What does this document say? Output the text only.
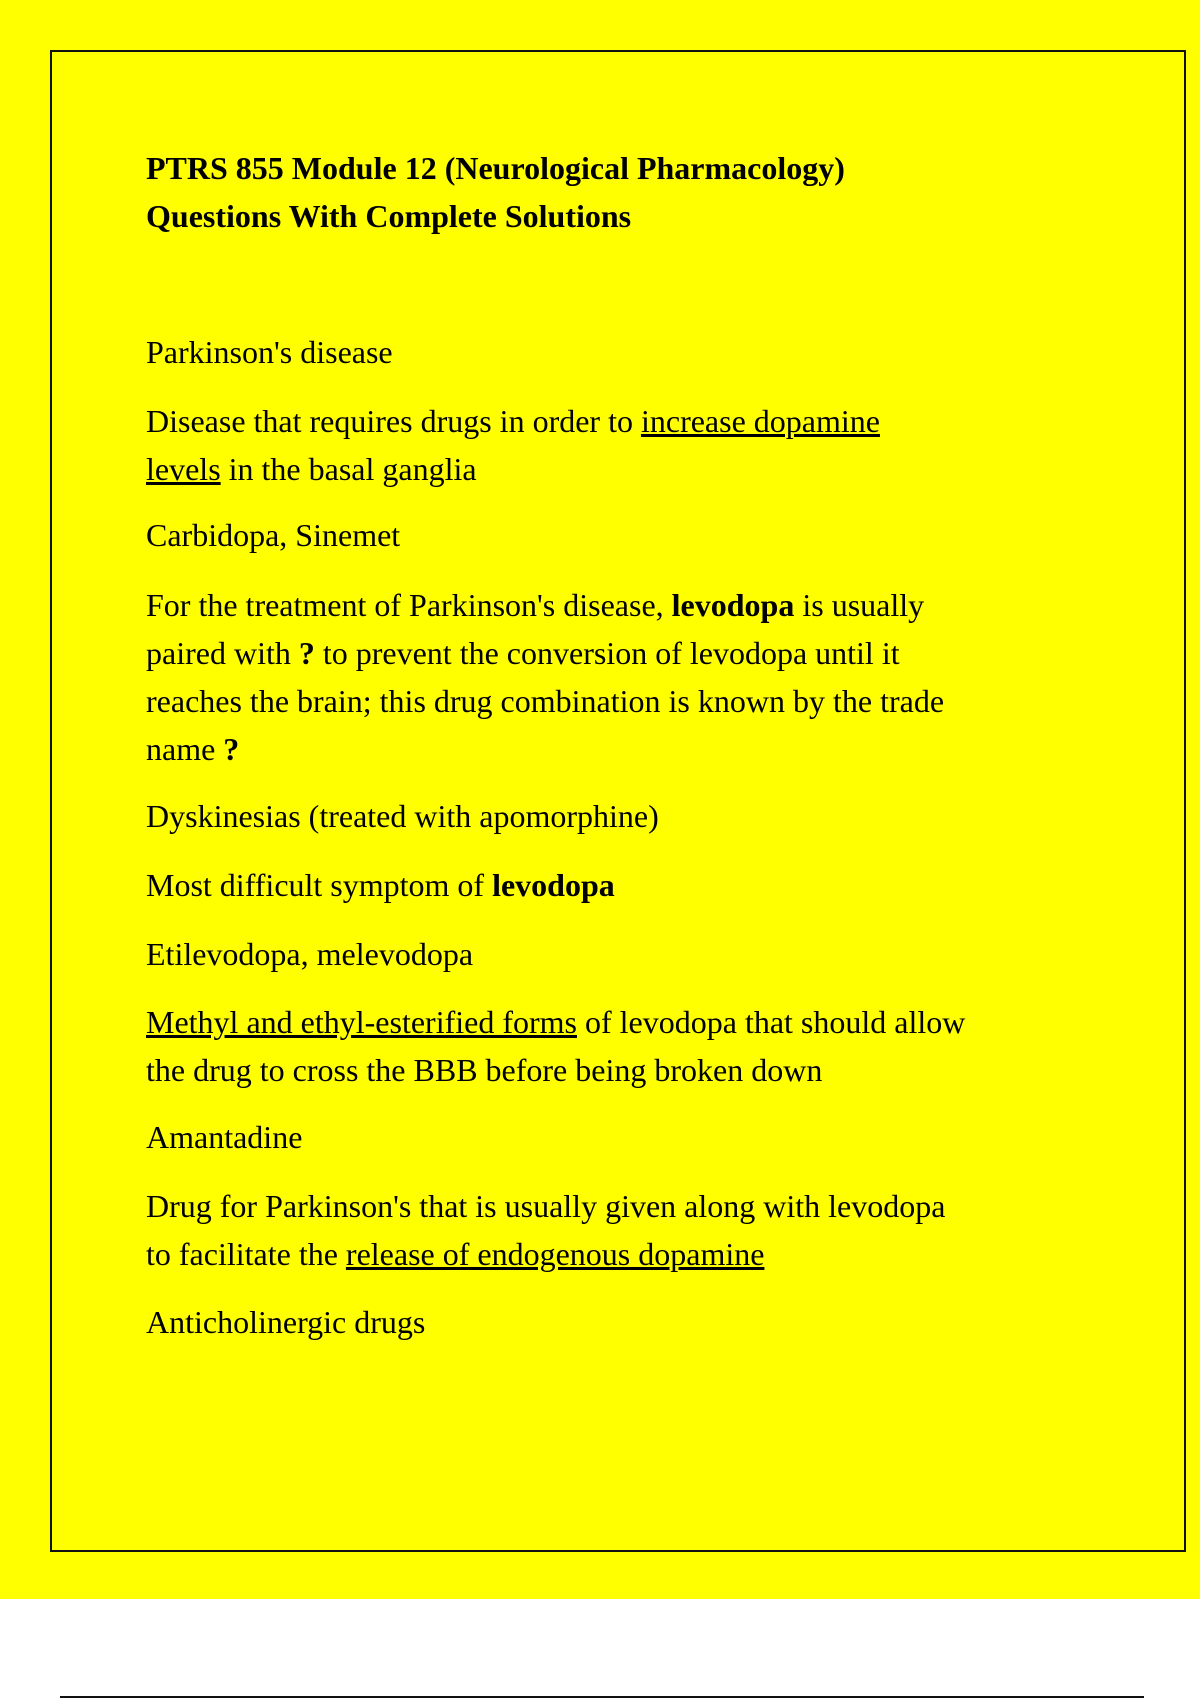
PTRS 855 Module 12 (Neurological Pharmacology)
Questions With Complete Solutions
Parkinson's disease
Disease that requires drugs in order to increase dopamine
levels in the basal ganglia
Carbidopa, Sinemet
For the treatment of Parkinson's disease, levodopa is usually
paired with ? to prevent the conversion of levodopa until it
reaches the brain; this drug combination is known by the trade
name ?
Dyskinesias (treated with apomorphine)
Most difficult symptom of levodopa
Etilevodopa, melevodopa
Methyl and ethyl-esterified forms of levodopa that should allow
the drug to cross the BBB before being broken down
Amantadine
Drug for Parkinson's that is usually given along with levodopa
to facilitate the release of endogenous dopamine
Anticholinergic drugs
